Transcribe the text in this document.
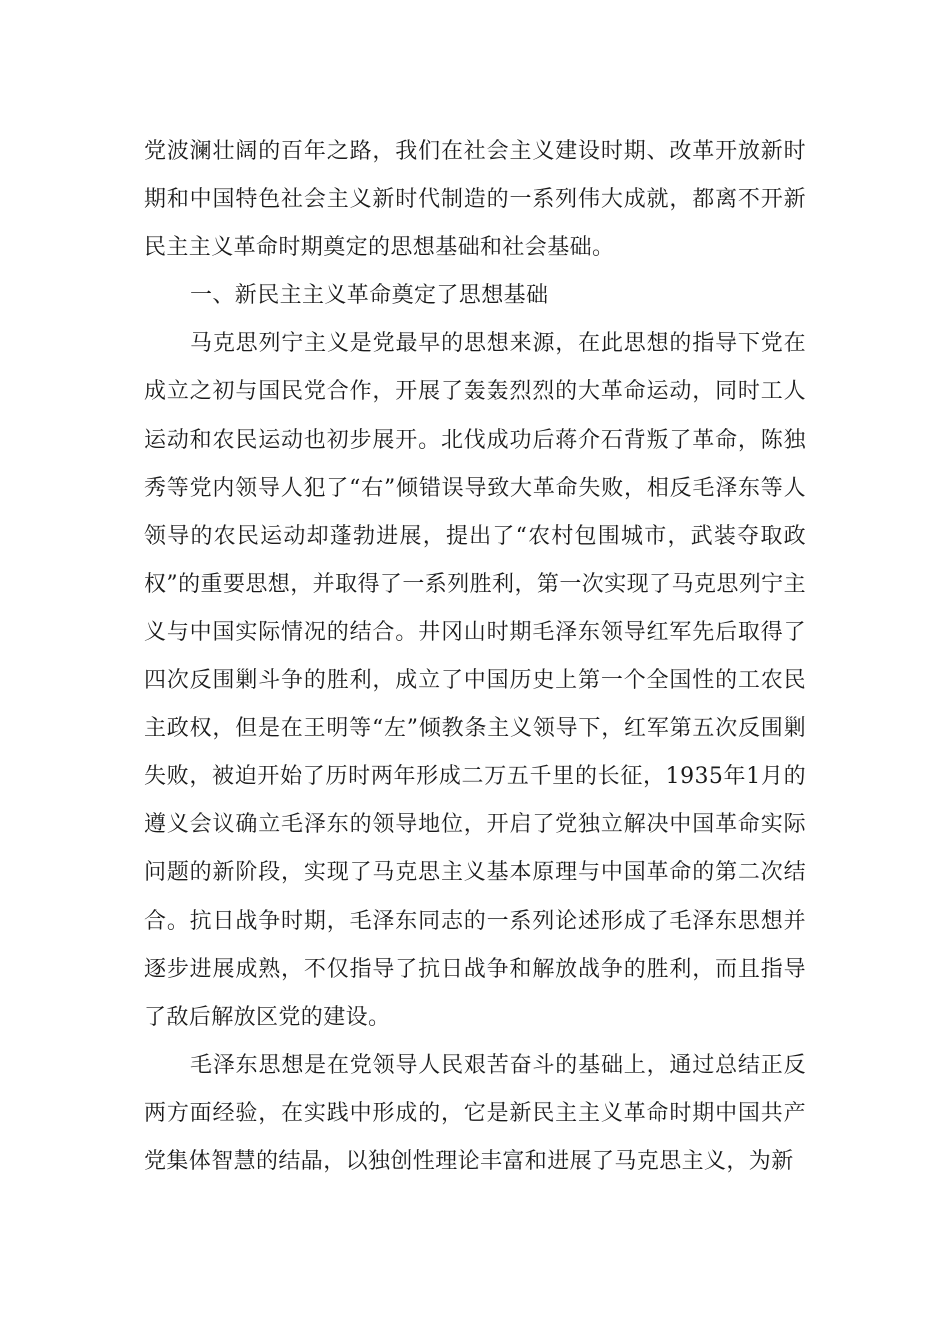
党波澜壮阔的百年之路，我们在社会主义建设时期、改革开放新时期和中国特色社会主义新时代制造的一系列伟大成就，都离不开新民主主义革命时期奠定的思想基础和社会基础。

一、新民主主义革命奠定了思想基础

马克思列宁主义是党最早的思想来源，在此思想的指导下党在成立之初与国民党合作，开展了轰轰烈烈的大革命运动，同时工人运动和农民运动也初步展开。北伐成功后蒋介石背叛了革命，陈独秀等党内领导人犯了“右”倾错误导致大革命失败，相反毛泽东等人领导的农民运动却蓬勃进展，提出了“农村包围城市，武装夺取政权”的重要思想，并取得了一系列胜利，第一次实现了马克思列宁主义与中国实际情况的结合。井冈山时期毛泽东领导红军先后取得了四次反围剿斗争的胜利，成立了中国历史上第一个全国性的工农民主政权，但是在王明等“左”倾教条主义领导下，红军第五次反围剿失败，被迫开始了历时两年形成二万五千里的长征，1935年1月的遵义会议确立毛泽东的领导地位，开启了党独立解决中国革命实际问题的新阶段，实现了马克思主义基本原理与中国革命的第二次结合。抗日战争时期，毛泽东同志的一系列论述形成了毛泽东思想并逐步进展成熟，不仅指导了抗日战争和解放战争的胜利，而且指导了敌后解放区党的建设。

毛泽东思想是在党领导人民艰苦奋斗的基础上，通过总结正反两方面经验，在实践中形成的，它是新民主主义革命时期中国共产党集体智慧的结晶，以独创性理论丰富和进展了马克思主义，为新
